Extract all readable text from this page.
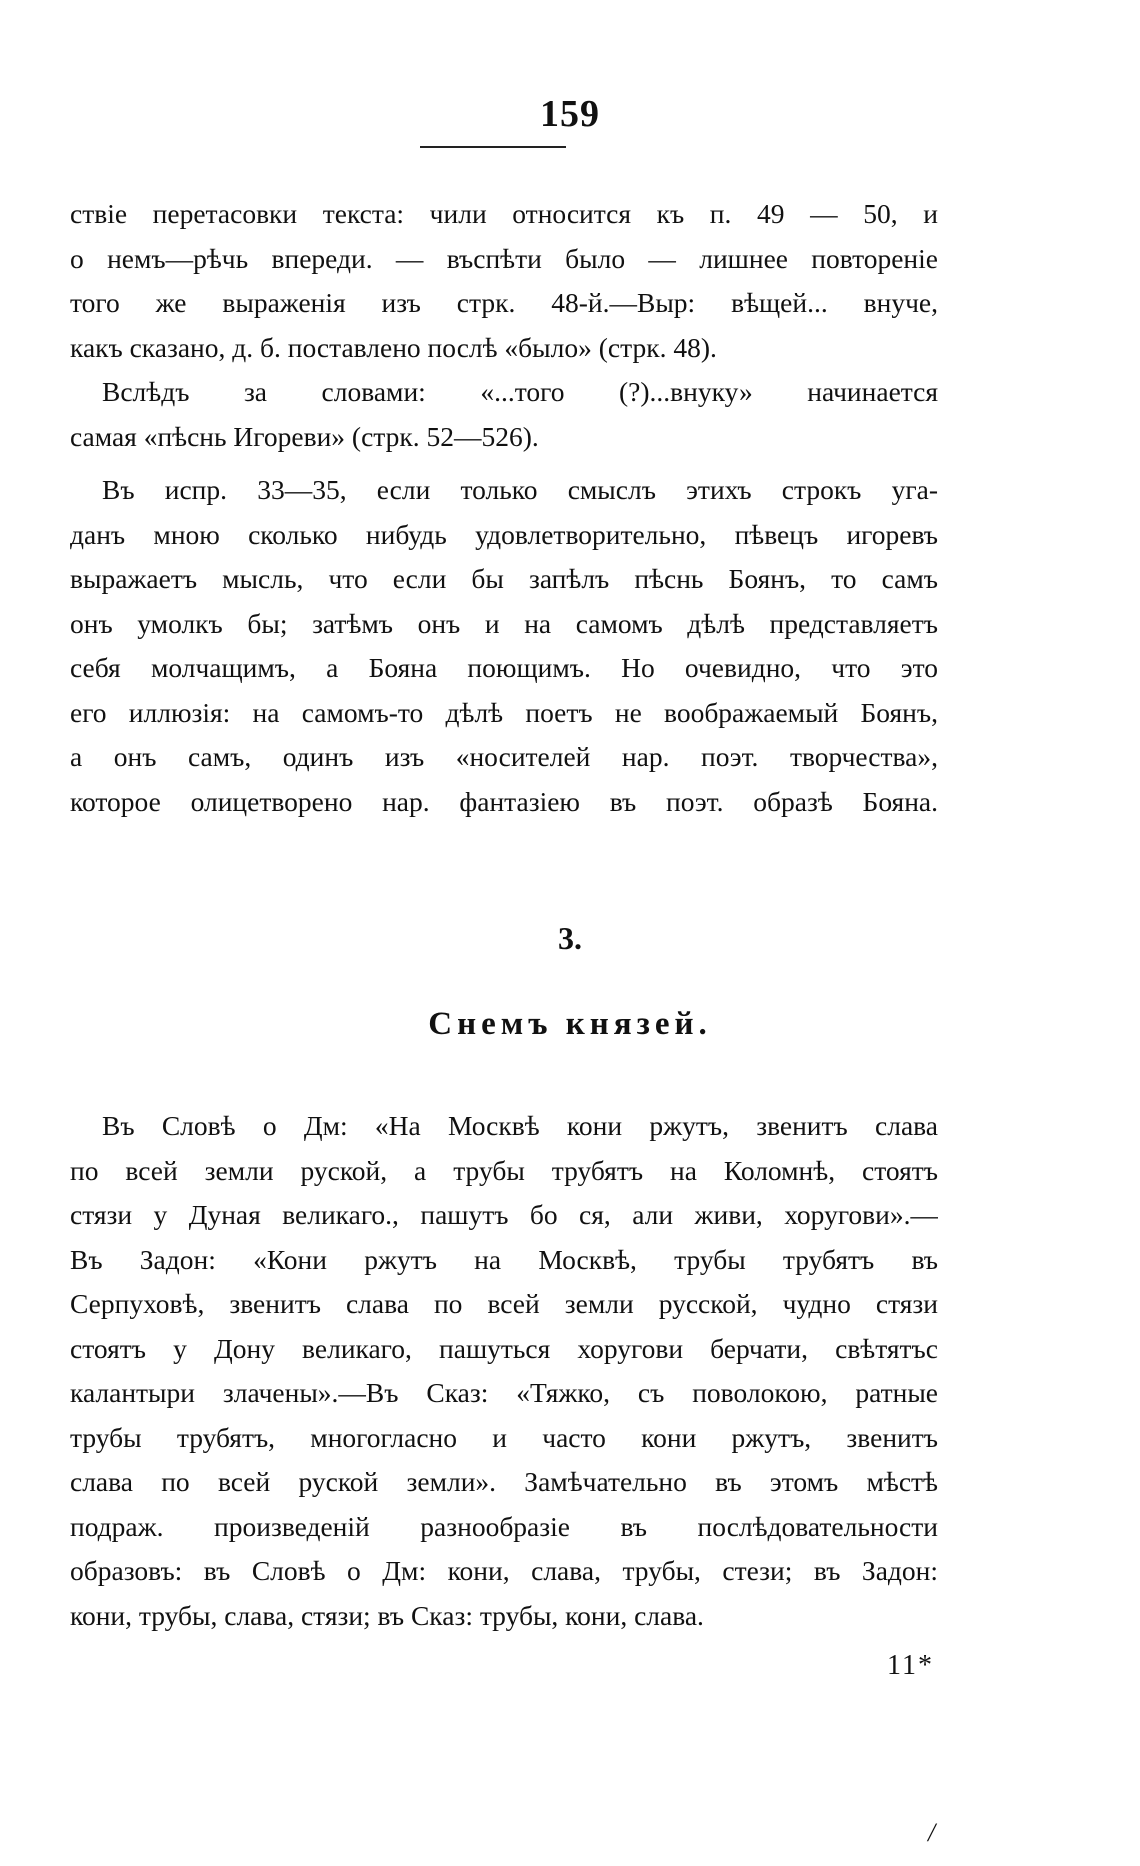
159
ствіе перетасовки текста: чили относится къ п. 49 — 50, и
о немъ—рѣчь впереди. — въспѣти было — лишнее повтореніе
того же выраженія изъ стрк. 48-й.—Выр: вѣщей... внуче,
какъ сказано, д. б. поставлено послѣ «было» (стрк. 48).
Вслѣдъ за словами: «...того (?)...внуку» начинается
самая «пѣснь Игореви» (стрк. 52—526).
Въ испр. 33—35, если только смыслъ этихъ строкъ уга-
данъ мною сколько нибудь удовлетворительно, пѣвецъ игоревъ
выражаетъ мысль, что если бы запѣлъ пѣснь Боянъ, то самъ
онъ умолкъ бы; затѣмъ онъ и на самомъ дѣлѣ представляетъ
себя молчащимъ, а Бояна поющимъ. Но очевидно, что это
его иллюзія: на самомъ-то дѣлѣ поетъ не воображаемый Боянъ,
а онъ самъ, одинъ изъ «носителей нар. поэт. творчества»,
которое олицетворено нар. фантазіею въ поэт. образѣ Бояна.
3.
Снемъ князей.
Въ Словѣ о Дм: «На Москвѣ кони ржутъ, звенитъ слава
по всей земли руской, а трубы трубятъ на Коломнѣ, стоятъ
стязи у Дуная великаго., пашутъ бо ся, али живи, хоругови».—
Въ Задон: «Кони ржутъ на Москвѣ, трубы трубятъ въ
Серпуховѣ, звенитъ слава по всей земли русской, чудно стязи
стоятъ у Дону великаго, пашуться хоругови берчати, свѣтятъс
калантыри злачены».—Въ Сказ: «Тяжко, съ поволокою, ратные
трубы трубятъ, многогласно и часто кони ржутъ, звенитъ
слава по всей руской земли». Замѣчательно въ этомъ мѣстѣ
подраж. произведеній разнообразіе въ послѣдовательности
образовъ: въ Словѣ о Дм: кони, слава, трубы, стези; въ Задон:
кони, трубы, слава, стязи; въ Сказ: трубы, кони, слава.
11*
/
